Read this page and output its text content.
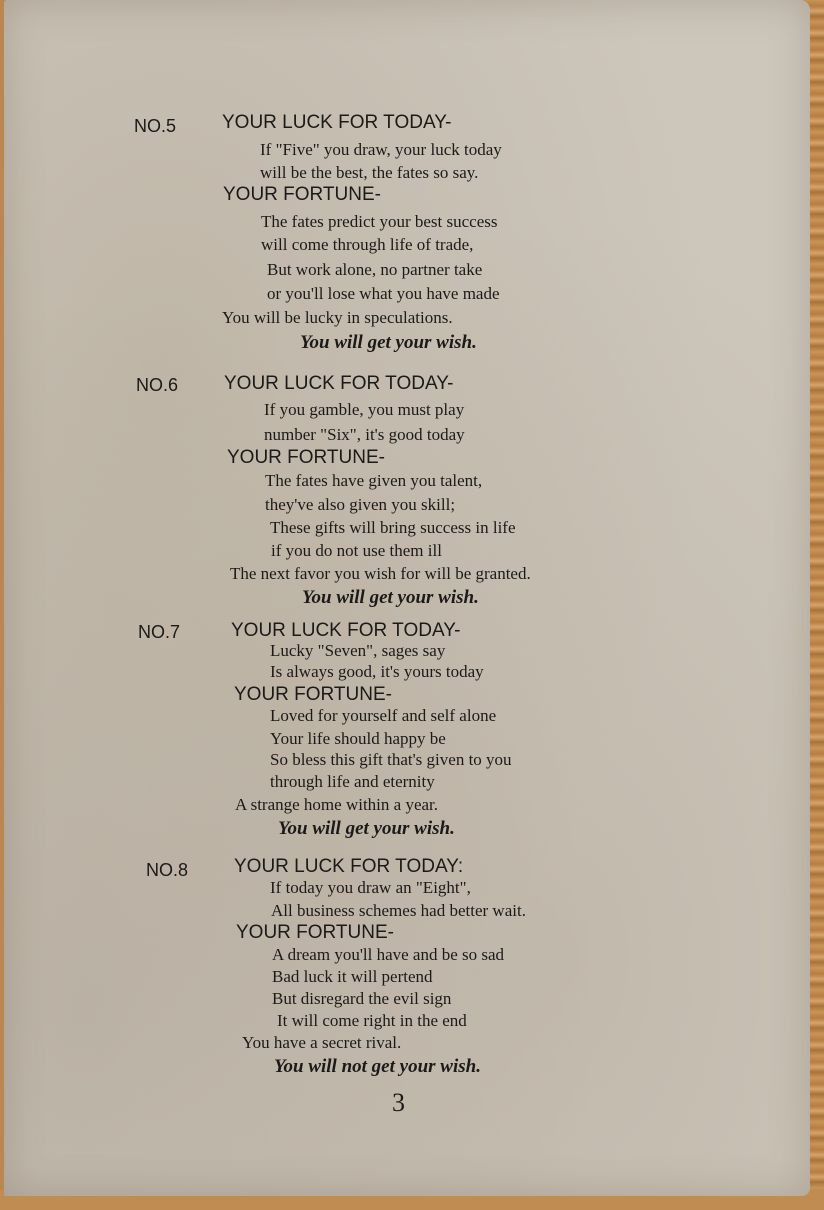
NO.5 YOUR LUCK FOR TODAY-
If "Five" you draw, your luck today
will be the best, the fates so say.
YOUR FORTUNE-
The fates predict your best success
will come through life of trade,
But work alone, no partner take
or you'll lose what you have made
You will be lucky in speculations.
You will get your wish.
NO.6 YOUR LUCK FOR TODAY-
If you gamble, you must play
number "Six", it's good today
YOUR FORTUNE-
The fates have given you talent,
they've also given you skill;
These gifts will bring success in life
if you do not use them ill
The next favor you wish for will be granted.
You will get your wish.
NO.7	YOUR LUCK FOR TODAY-
Lucky "Seven", sages say
Is always good, it's yours today
YOUR FORTUNE-
Loved for yourself and self alone
Your life should happy be
So bless this gift that's given to you
through life and eternity
A strange home within a year.
You will get your wish.
NO.8 YOUR LUCK FOR TODAY:
If today you draw an "Eight",
All business schemes had better wait.
YOUR FORTUNE-
A dream you'll have and be so sad
Bad luck it will pertend
But disregard the evil sign
It will come right in the end
You have a secret rival.
You will not get your wish.
3
